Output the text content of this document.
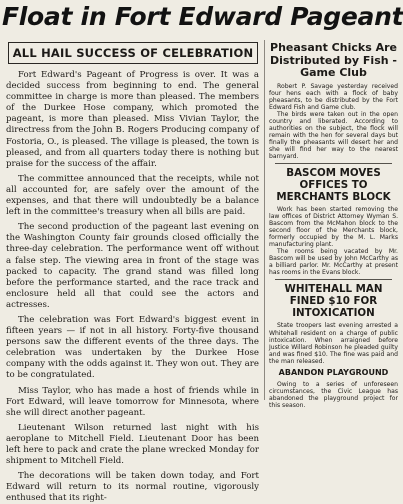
Float in Fort Edward Pageant
ALL HAIL SUCCESS OF CELEBRATION

Fort Edward's Pageant of Progress is over. It was a decided success from beginning to end. The general committee in charge is more than pleased. The members of the Durkee Hose company, which promoted the pageant, is more than pleased. Miss Vivian Taylor, the directress from the John B. Rogers Producing company of Fostoria, O., is pleased. The village is pleased, the town is pleased, and from all quarters today there is nothing but praise for the success of the affair.

The committee announced that the receipts, while not all accounted for, are safely over the amount of the expenses, and that there will undoubtedly be a balance left in the committee's treasury when all bills are paid.

The second production of the pageant last evening on the Washington County fair grounds closed officially the three-day celebration. The performance went off without a false step. The viewing area in front of the stage was packed to capacity. The grand stand was filled long before the performance started, and the race track and enclosure held all that could see the actors and actresses.

The celebration was Fort Edward's biggest event in fifteen years — if not in all history. Forty-five thousand persons saw the different events of the three days. The celebration was undertaken by the Durkee Hose company with the odds against it. They won out. They are to be congratulated.

Miss Taylor, who has made a host of friends while in Fort Edward, will leave tomorrow for Minnesota, where she will direct another pageant.

Lieutenant Wilson returned last night with his aeroplane to Mitchell Field. Lieutenant Door has been left here to pack and crate the plane wrecked Monday for shipment to Mitchell Field.

The decorations will be taken down today, and Fort Edward will return to its normal routine, vigorously enthused that its right-

Pheasant Chicks Are Distributed by Fish - Game Club

Robert P. Savage yesterday received four hens each with a flock of baby pheasants, to be distributed by the Fort Edward Fish and Game club.

The birds were taken out in the open country and liberated. According to authorities on the subject, the flock will remain with the hen for several days but finally the pheasants will desert her and she will find her way to the nearest barnyard.

BASCOM MOVES OFFICES TO MERCHANTS BLOCK

Work has been started removing the law offices of District Attorney Wyman S. Bascom from the McMahon block to the second floor of the Merchants block, formerly occupied by the M. L. Marks manufacturing plant.

The rooms being vacated by Mr. Bascom will be used by John McCarthy as a billiard parlor. Mr. McCarthy at present has rooms in the Evans block.

WHITEHALL MAN FINED $10 FOR INTOXICATION

State troopers last evening arrested a Whitehall resident on a charge of public intoxication. When arraigned before Justice Willard Robinson he pleaded guilty and was fined $10. The fine was paid and the man released.

ABANDON PLAYGROUND

Owing to a series of unforeseen circumstances, the Civic League has abandoned the playground project for this season.
